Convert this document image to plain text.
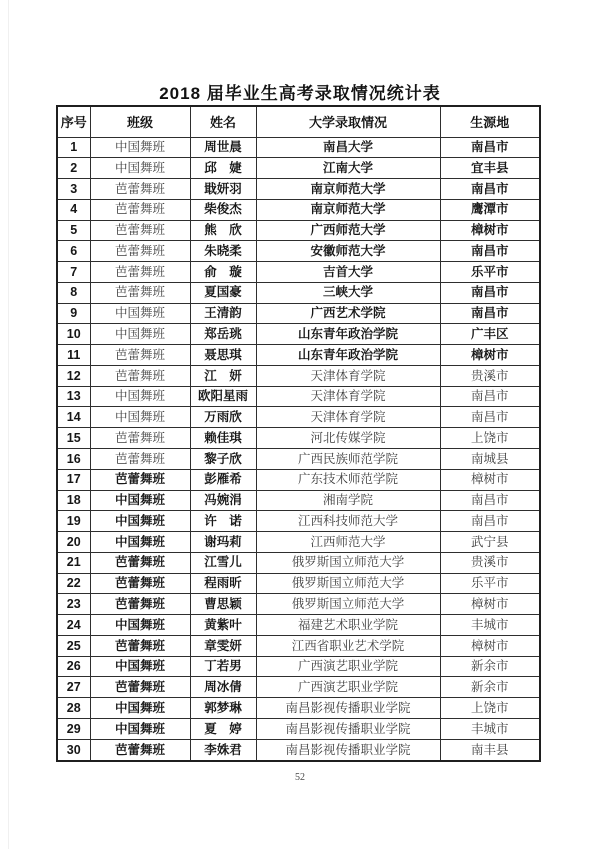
2018 届毕业生高考录取情况统计表
序号	班级	姓名	大学录取情况	生源地
1	中国舞班	周世晨	南昌大学	南昌市
2	中国舞班	邱　婕	江南大学	宜丰县
3	芭蕾舞班	戢妍羽	南京师范大学	南昌市
4	芭蕾舞班	柴俊杰	南京师范大学	鹰潭市
5	芭蕾舞班	熊　欣	广西师范大学	樟树市
6	芭蕾舞班	朱晓柔	安徽师范大学	南昌市
7	芭蕾舞班	俞　璇	吉首大学	乐平市
8	芭蕾舞班	夏国豪	三峡大学	南昌市
9	中国舞班	王清韵	广西艺术学院	南昌市
10	中国舞班	郑岳珧	山东青年政治学院	广丰区
11	芭蕾舞班	聂思琪	山东青年政治学院	樟树市
12	芭蕾舞班	江　妍	天津体育学院	贵溪市
13	中国舞班	欧阳星雨	天津体育学院	南昌市
14	中国舞班	万雨欣	天津体育学院	南昌市
15	芭蕾舞班	赖佳琪	河北传媒学院	上饶市
16	芭蕾舞班	黎子欣	广西民族师范学院	南城县
17	芭蕾舞班	彭雁希	广东技术师范学院	樟树市
18	中国舞班	冯婉涓	湘南学院	南昌市
19	中国舞班	许　诺	江西科技师范大学	南昌市
20	中国舞班	谢玛莉	江西师范大学	武宁县
21	芭蕾舞班	江雪儿	俄罗斯国立师范大学	贵溪市
22	芭蕾舞班	程雨昕	俄罗斯国立师范大学	乐平市
23	芭蕾舞班	曹思颖	俄罗斯国立师范大学	樟树市
24	中国舞班	黄紫叶	福建艺术职业学院	丰城市
25	芭蕾舞班	章雯妍	江西省职业艺术学院	樟树市
26	中国舞班	丁若男	广西演艺职业学院	新余市
27	芭蕾舞班	周冰倩	广西演艺职业学院	新余市
28	中国舞班	郭梦琳	南昌影视传播职业学院	上饶市
29	中国舞班	夏　婷	南昌影视传播职业学院	丰城市
30	芭蕾舞班	李姝君	南昌影视传播职业学院	南丰县
52
